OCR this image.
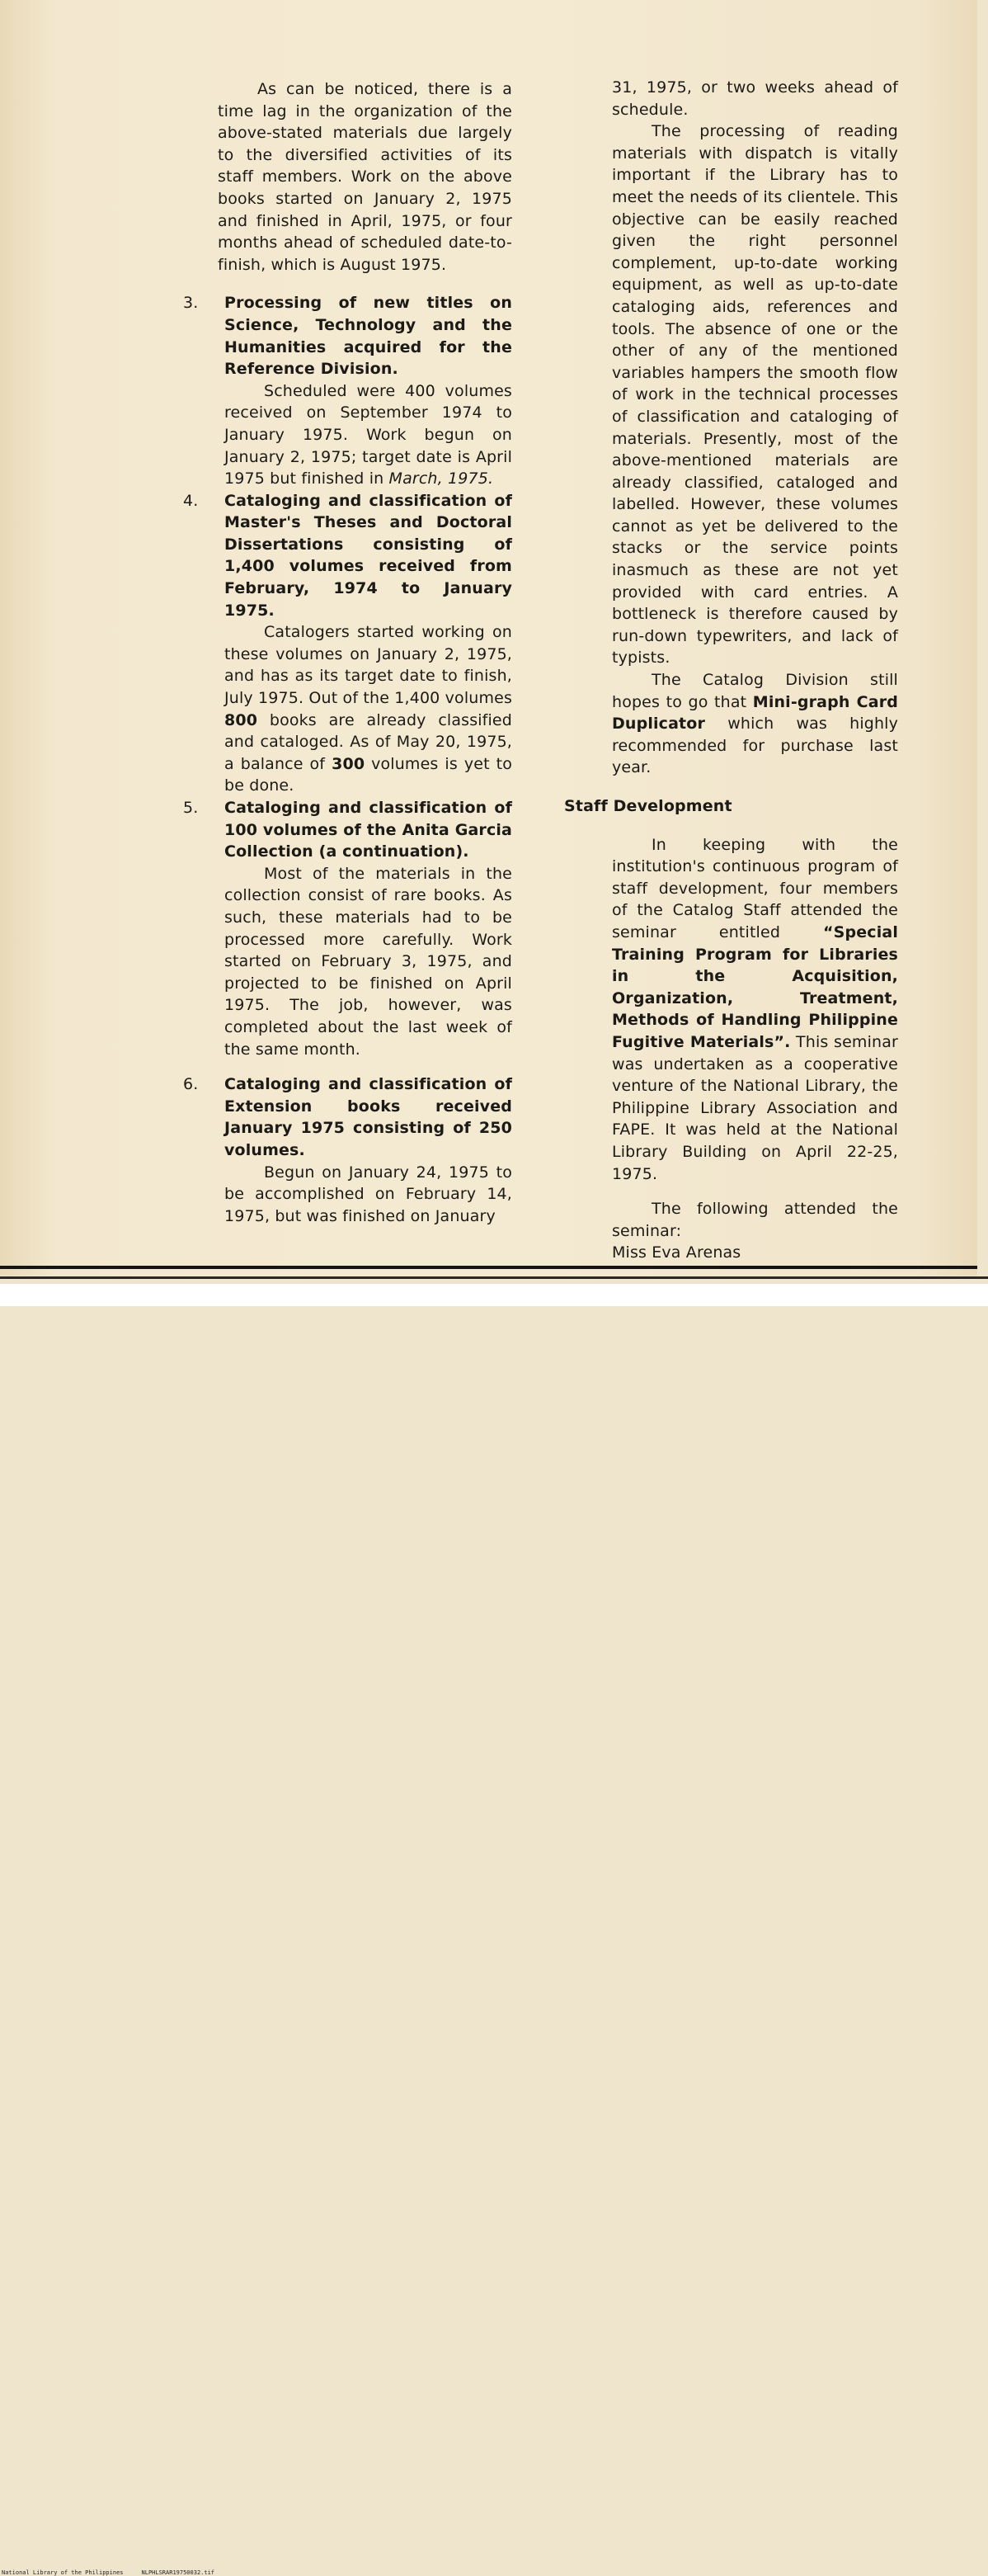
As can be noticed, there is a time lag in the organization of the above-stated materials due largely to the diversified activities of its staff members. Work on the above books started on January 2, 1975 and finished in April, 1975, or four months ahead of scheduled date-to-finish, which is August 1975.

3. Processing of new titles on Science, Technology and the Humanities acquired for the Reference Division.

Scheduled were 400 volumes received on September 1974 to January 1975. Work begun on January 2, 1975; target date is April 1975 but finished in March, 1975.

4. Cataloging and classification of Master's Theses and Doctoral Dissertations consisting of 1,400 volumes received from February, 1974 to January 1975.

Catalogers started working on these volumes on January 2, 1975, and has as its target date to finish, July 1975. Out of the 1,400 volumes 800 books are already classified and cataloged. As of May 20, 1975, a balance of 300 volumes is yet to be done.

5. Cataloging and classification of 100 volumes of the Anita Garcia Collection (a continuation).

Most of the materials in the collection consist of rare books. As such, these materials had to be processed more carefully. Work started on February 3, 1975, and projected to be finished on April 1975. The job, however, was completed about the last week of the same month.

6. Cataloging and classification of Extension books received January 1975 consisting of 250 volumes.

Begun on January 24, 1975 to be accomplished on February 14, 1975, but was finished on January

31, 1975, or two weeks ahead of schedule.

The processing of reading materials with dispatch is vitally important if the Library has to meet the needs of its clientele. This objective can be easily reached given the right personnel complement, up-to-date working equipment, as well as up-to-date cataloging aids, references and tools. The absence of one or the other of any of the mentioned variables hampers the smooth flow of work in the technical processes of classification and cataloging of materials. Presently, most of the above-mentioned materials are already classified, cataloged and labelled. However, these volumes cannot as yet be delivered to the stacks or the service points inasmuch as these are not yet provided with card entries. A bottleneck is therefore caused by run-down typewriters, and lack of typists.

The Catalog Division still hopes to go that Mini-graph Card Duplicator which was highly recommended for purchase last year.

Staff Development

In keeping with the institution's continuous program of staff development, four members of the Catalog Staff attended the seminar entitled	“Special Training Program for Libraries in the Acquisition, Organization, Treatment, Methods of Handling Philippine Fugitive Materials”. This seminar was undertaken as a cooperative venture of the National Library, the Philippine Library Association and FAPE. It was held at the National Library Building on April 22-25, 1975.

The following attended the seminar:

Miss Eva Arenas

National Library of the Philippines	NLPHLSRAR19750032.tif
